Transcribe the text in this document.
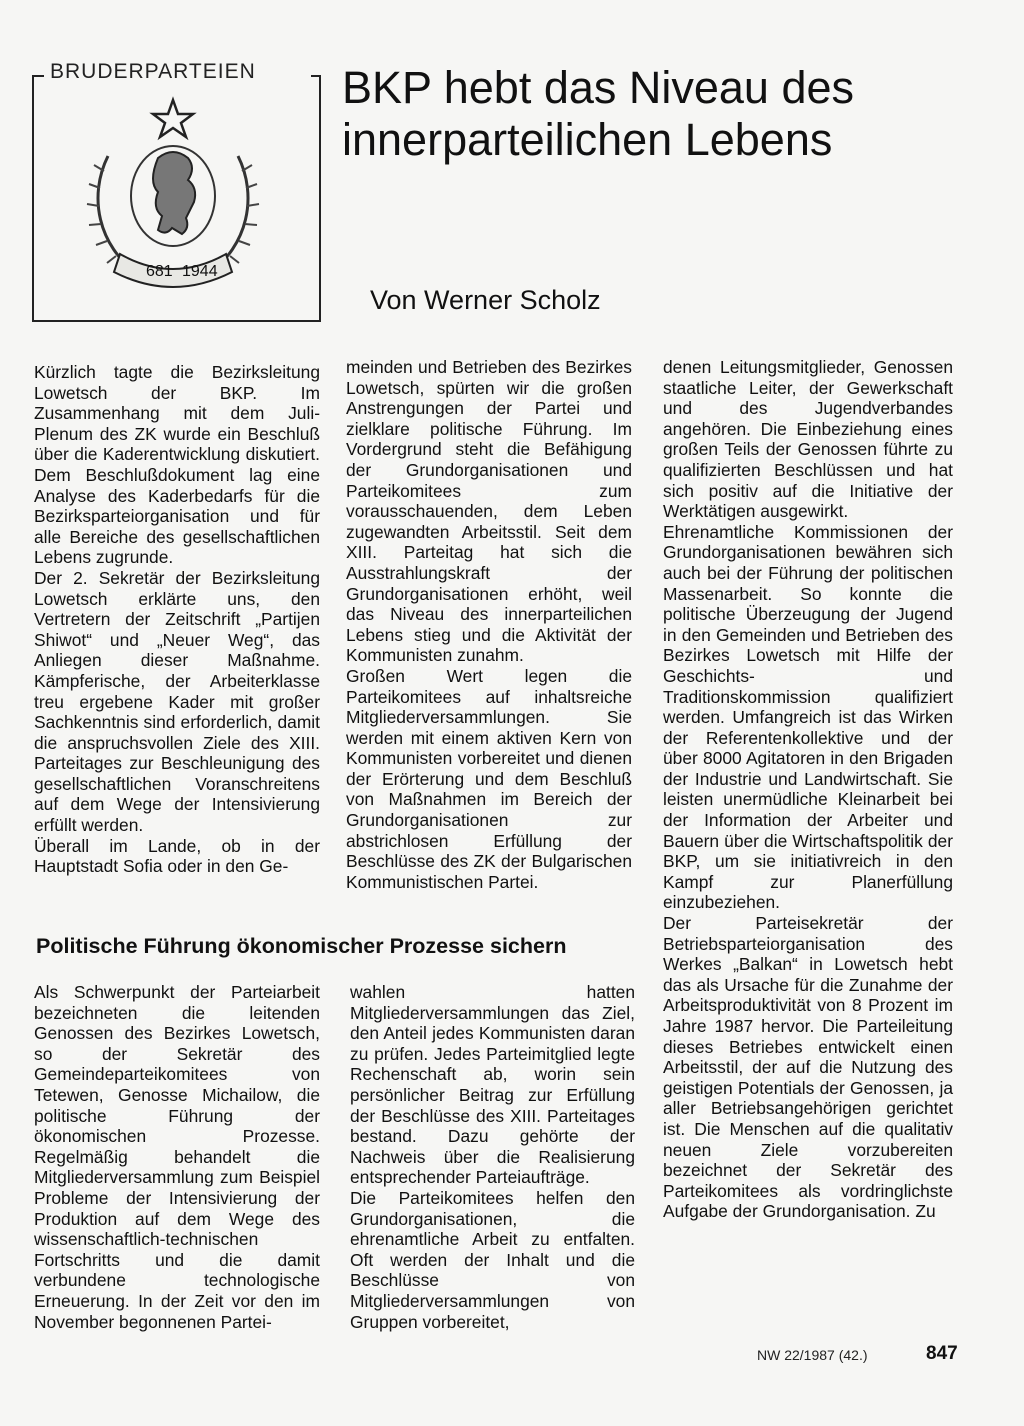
BRUDERPARTEIEN
681 1944
BKP hebt das Niveau des innerparteilichen Lebens
Von Werner Scholz

Kürzlich tagte die Bezirksleitung Lowetsch der BKP. Im Zusammenhang mit dem Juli-Plenum des ZK wurde ein Beschluß über die Kaderentwicklung diskutiert. Dem Beschlußdokument lag eine Analyse des Kaderbedarfs für die Bezirksparteiorganisation und für alle Bereiche des gesellschaftlichen Lebens zugrunde.

Der 2. Sekretär der Bezirksleitung Lowetsch erklärte uns, den Vertretern der Zeitschrift „Partijen Shiwot“ und „Neuer Weg“, das Anliegen dieser Maßnahme. Kämpferische, der Arbeiterklasse treu ergebene Kader mit großer Sachkenntnis sind erforderlich, damit die anspruchsvollen Ziele des XIII. Parteitages zur Beschleunigung des gesellschaftlichen Voranschreitens auf dem Wege der Intensivierung erfüllt werden.

Überall im Lande, ob in der Hauptstadt Sofia oder in den Ge-

meinden und Betrieben des Bezirkes Lowetsch, spürten wir die großen Anstrengungen der Partei und zielklare politische Führung. Im Vordergrund steht die Befähigung der Grundorganisationen und Parteikomitees zum vorausschauenden, dem Leben zugewandten Arbeitsstil. Seit dem XIII. Parteitag hat sich die Ausstrahlungskraft der Grundorganisationen erhöht, weil das Niveau des innerparteilichen Lebens stieg und die Aktivität der Kommunisten zunahm.

Großen Wert legen die Parteikomitees auf inhaltsreiche Mitgliederversammlungen. Sie werden mit einem aktiven Kern von Kommunisten vorbereitet und dienen der Erörterung und dem Beschluß von Maßnahmen im Bereich der Grundorganisationen zur abstrichlosen Erfüllung der Beschlüsse des ZK der Bulgarischen Kommunistischen Partei.

denen Leitungsmitglieder, Genossen staatliche Leiter, der Gewerkschaft und des Jugendverbandes angehören. Die Einbeziehung eines großen Teils der Genossen führte zu qualifizierten Beschlüssen und hat sich positiv auf die Initiative der Werktätigen ausgewirkt.

Ehrenamtliche Kommissionen der Grundorganisationen bewähren sich auch bei der Führung der politischen Massenarbeit. So konnte die politische Überzeugung der Jugend in den Gemeinden und Betrieben des Bezirkes Lowetsch mit Hilfe der Geschichts- und Traditionskommission qualifiziert werden. Umfangreich ist das Wirken der Referentenkollektive und der über 8000 Agitatoren in den Brigaden der Industrie und Landwirtschaft. Sie leisten unermüdliche Kleinarbeit bei der Information der Arbeiter und Bauern über die Wirtschaftspolitik der BKP, um sie initiativreich in den Kampf zur Planerfüllung einzubeziehen.

Der Parteisekretär der Betriebsparteiorganisation des Werkes „Balkan“ in Lowetsch hebt das als Ursache für die Zunahme der Arbeitsproduktivität von 8 Prozent im Jahre 1987 hervor. Die Parteileitung dieses Betriebes entwickelt einen Arbeitsstil, der auf die Nutzung des geistigen Potentials der Genossen, ja aller Betriebsangehörigen gerichtet ist. Die Menschen auf die qualitativ neuen Ziele vorzubereiten bezeichnet der Sekretär des Parteikomitees als vordringlichste Aufgabe der Grundorganisation. Zu

Politische Führung ökonomischer Prozesse sichern

Als Schwerpunkt der Parteiarbeit bezeichneten die leitenden Genossen des Bezirkes Lowetsch, so der Sekretär des Gemeindeparteikomitees von Tetewen, Genosse Michailow, die politische Führung der ökonomischen Prozesse. Regelmäßig behandelt die Mitgliederversammlung zum Beispiel Probleme der Intensivierung der Produktion auf dem Wege des wissenschaftlich-technischen Fortschritts und die damit verbundene technologische Erneuerung. In der Zeit vor den im November begonnenen Partei-

wahlen hatten Mitgliederversammlungen das Ziel, den Anteil jedes Kommunisten daran zu prüfen. Jedes Parteimitglied legte Rechenschaft ab, worin sein persönlicher Beitrag zur Erfüllung der Beschlüsse des XIII. Parteitages bestand. Dazu gehörte der Nachweis über die Realisierung entsprechender Parteiaufträge.

Die Parteikomitees helfen den Grundorganisationen, die ehrenamtliche Arbeit zu entfalten. Oft werden der Inhalt und die Beschlüsse von Mitgliederversammlungen von Gruppen vorbereitet,

NW 22/1987 (42.)	847
